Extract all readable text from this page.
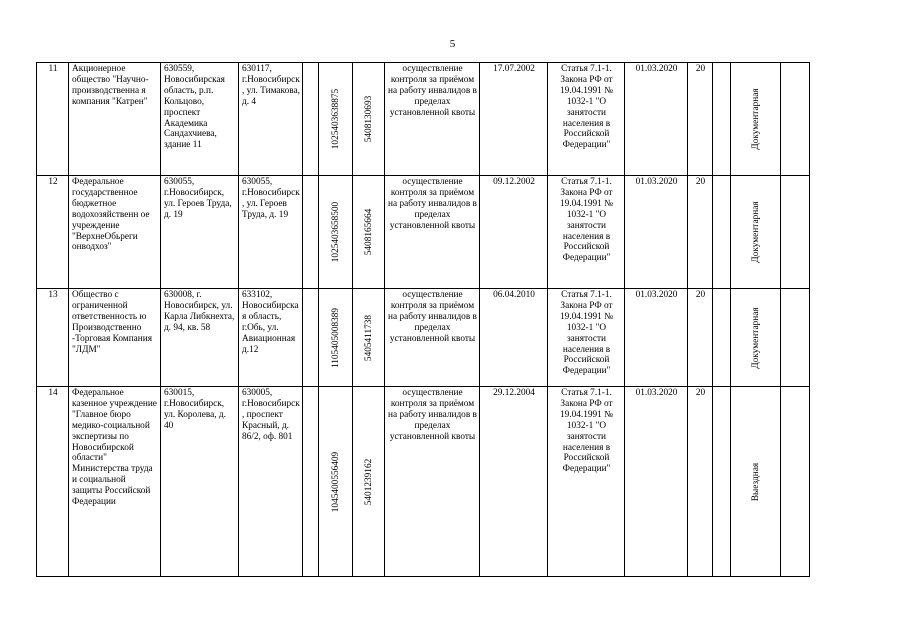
5
11	Акционерное общество "Научно-производственна я компания "Катрен"	630559, Новосибирская область, р.п. Кольцово, проспект Академика Сандахчиева, здание 11	630117, г.Новосибирск, ул. Тимакова, д. 4		1025403638875	5408130693	осуществление контроля за приёмом на работу инвалидов в пределах установленной квоты	17.07.2002	Статья 7.1-1. Закона РФ от 19.04.1991 № 1032-1 "О занятости населения в Российской Федерации"	01.03.2020	20		Документарная	

12	Федеральное государственное бюджетное водохозяйственн ое учреждение "ВерхнеОбьреги онводхоз"	630055, г.Новосибирск, ул. Героев Труда, д. 19	630055, г.Новосибирск, ул. Героев Труда, д. 19		1025403658500	5408165664	осуществление контроля за приёмом на работу инвалидов в пределах установленной квоты	09.12.2002	Статья 7.1-1. Закона РФ от 19.04.1991 № 1032-1 "О занятости населения в Российской Федерации"	01.03.2020	20		Документарная	

13	Общество с ограниченной ответственность ю Производственно -Торговая Компания "ЛДМ"	630008, г. Новосибирск, ул. Карла Либкнехта, д. 94, кв. 58	633102, Новосибирская область, г.Обь, ул. Авиационная д.12		1105405008389	5405411738	осуществление контроля за приёмом на работу инвалидов в пределах установленной квоты	06.04.2010	Статья 7.1-1. Закона РФ от 19.04.1991 № 1032-1 "О занятости населения в Российской Федерации"	01.03.2020	20		Документарная	

14	Федеральное казенное учреждение "Главное бюро медико-социальной экспертизы по Новосибирской области" Министерства труда и социальной защиты Российской Федерации	630015, г.Новосибирск, ул. Королева, д. 40	630005, г.Новосибирск, проспект Красный, д. 86/2, оф. 801		1045400556409	5401239162	осуществление контроля за приёмом на работу инвалидов в пределах установленной квоты	29.12.2004	Статья 7.1-1. Закона РФ от 19.04.1991 № 1032-1 "О занятости населения в Российской Федерации"	01.03.2020	20		Выездная	
